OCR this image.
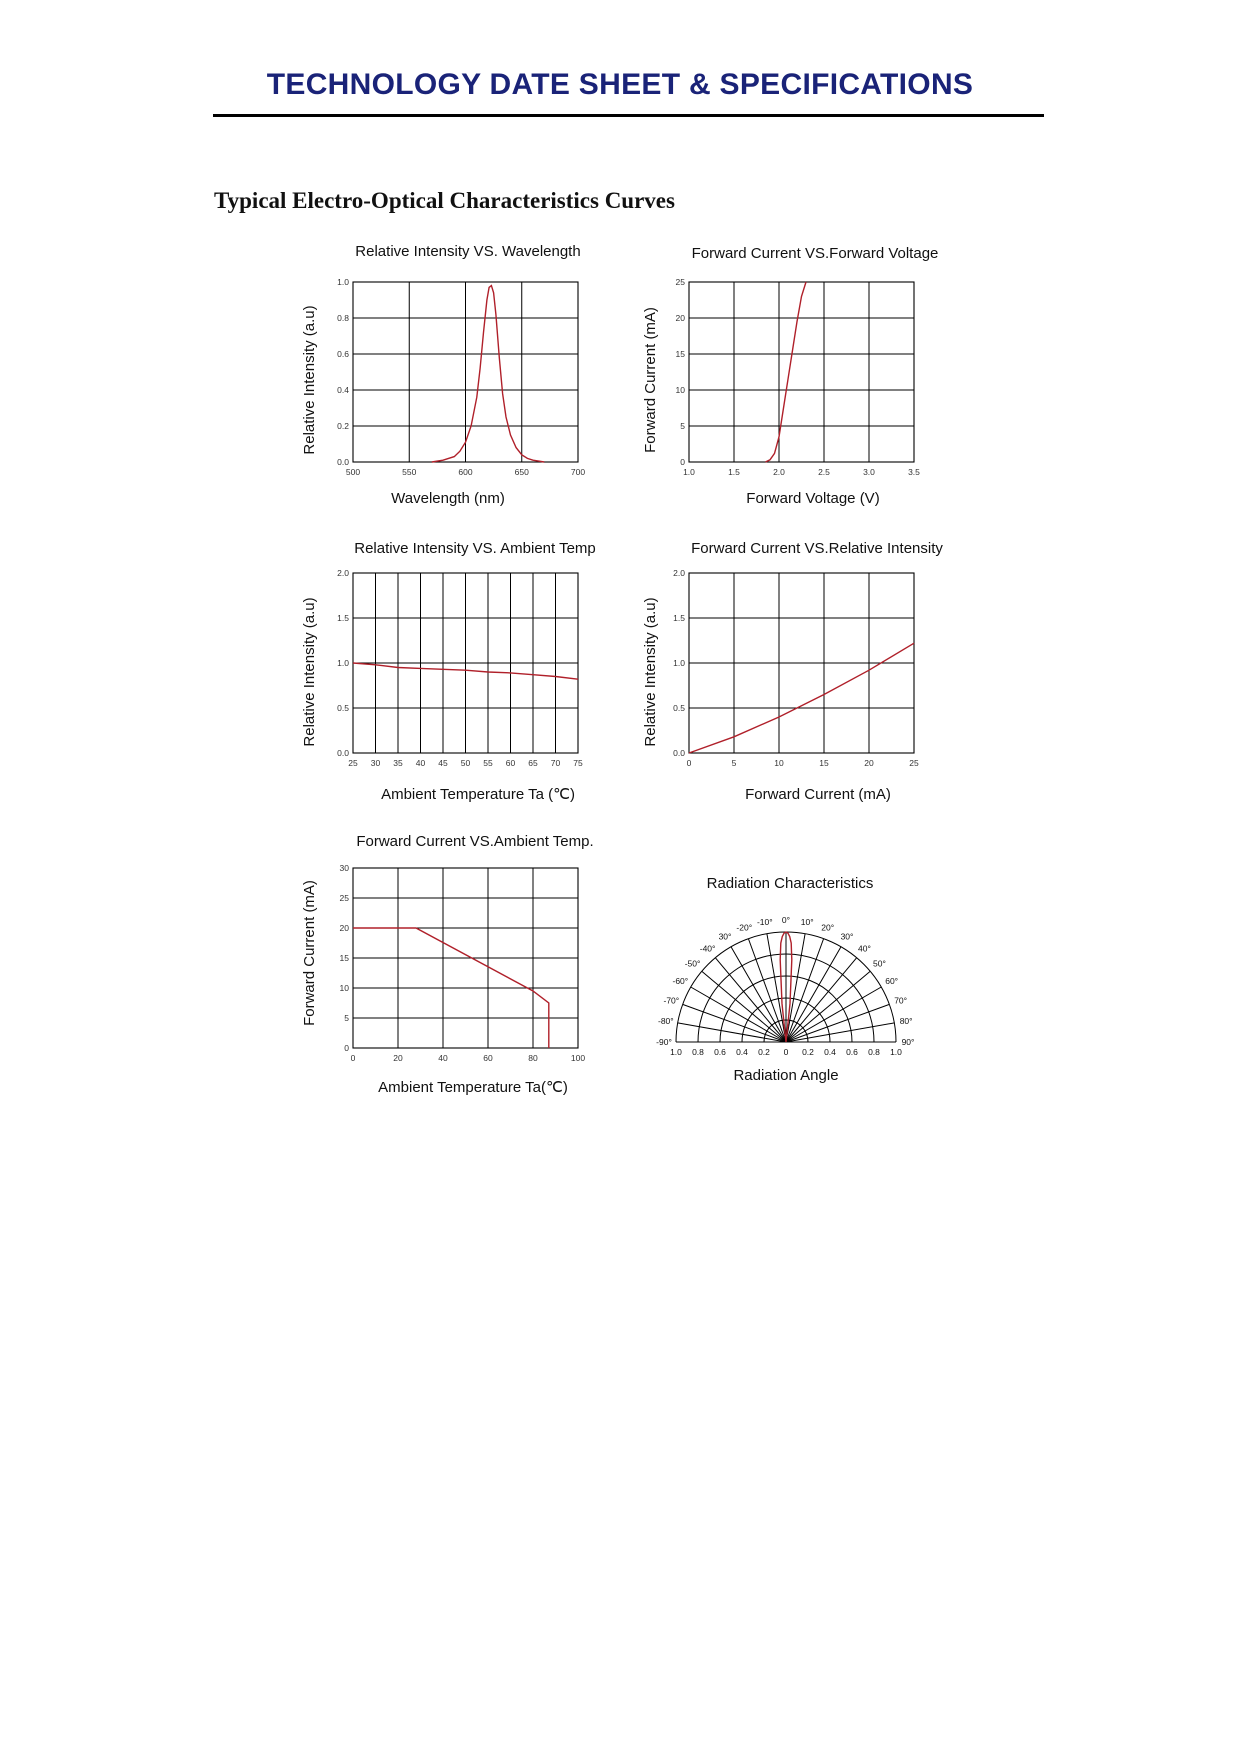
TECHNOLOGY DATE SHEET & SPECIFICATIONS
Typical Electro-Optical Characteristics Curves
Relative Intensity VS. Wavelength
500	550	600	650	700
0.0
0.2
0.4
0.6
0.8
1.0
Relative Intensity (a.u)
Wavelength (nm)
Forward Current VS.Forward Voltage
1.0	1.5	2.0	2.5	3.0	3.5
0
5
10
15
20
25
Forward Current (mA)
Forward Voltage (V)
Relative Intensity VS. Ambient Temp
25 30 35 40 45 50 55 60 65 70 75
0.0
0.5
1.0
1.5
2.0
Relative Intensity (a.u)
Ambient Temperature Ta (℃)
Forward Current VS.Relative Intensity
0	5	10	15	20	25
0.0
0.5
1.0
1.5
2.0
Relative Intensity (a.u)
Forward Current (mA)
Forward Current VS.Ambient Temp.
0	20	40	60	80	100
0
5
10
15
20
25
30
Forward Current (mA)
Ambient Temperature Ta(℃)
Radiation Characteristics
-90°
-80°
-70°
-60°
-50°
-40°
30°
-20°
-10° 0° 10°
20°
30°
40°
50°
60°
70°
80°
90°
1.0 0.8 0.6 0.4 0.2 0 0.2 0.4 0.6 0.8 1.0
Radiation Angle
